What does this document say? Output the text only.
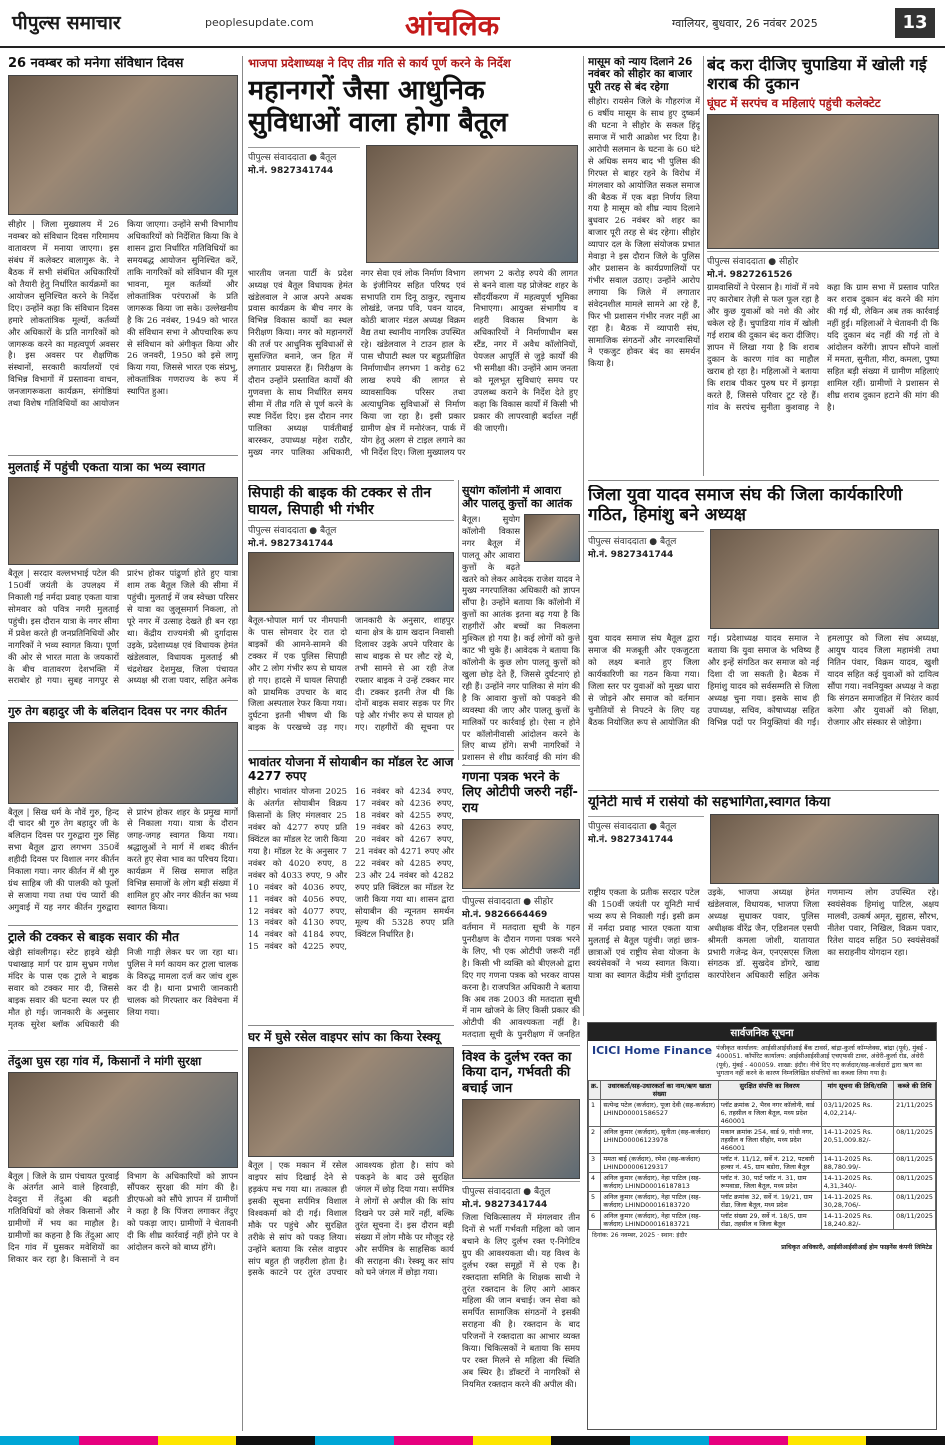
पीपुल्स समाचार	peoplesupdate.com	आंचलिक	ग्वालियर, बुधवार, 26 नवंबर 2025	13
26 नवम्बर को मनेगा संविधान दिवस
सीहोर | जिला मुख्यालय में 26 नवम्बर को संविधान दिवस गरिमामय वातावरण में मनाया जाएगा। इस संबंध में कलेक्टर बालागुरू के. ने बैठक में सभी संबंधित अधिकारियों को तैयारी हेतु निर्धारित कार्यक्रमों का आयोजन सुनिश्चित करने के निर्देश दिए। उन्होंने कहा कि संविधान दिवस हमारे लोकतांत्रिक मूल्यों, कर्तव्यों और अधिकारों के प्रति नागरिकों को जागरूक करने का महत्वपूर्ण अवसर है। इस अवसर पर शैक्षणिक संस्थानों, सरकारी कार्यालयों एवं विभिन्न विभागों में प्रस्तावना वाचन, जनजागरूकता कार्यक्रम, संगोष्ठियां तथा विशेष गतिविधियों का आयोजन किया जाएगा। उन्होंने सभी विभागीय अधिकारियों को निर्देशित किया कि वे शासन द्वारा निर्धारित गतिविधियों का समयबद्ध आयोजन सुनिश्चित करें, ताकि नागरिकों को संविधान की मूल भावना, मूल कर्तव्यों और लोकतांत्रिक परंपराओं के प्रति जागरूक किया जा सके। उल्लेखनीय है कि 26 नवंबर, 1949 को भारत की संविधान सभा ने औपचारिक रूप से संविधान को अंगीकृत किया और 26 जनवरी, 1950 को इसे लागू किया गया, जिससे भारत एक संप्रभु, लोकतांत्रिक गणराज्य के रूप में स्थापित हुआ।
मुलताई में पहुंची एकता यात्रा का भव्य स्वागत
बैतूल | सरदार वल्लभभाई पटेल की 150वीं जयंती के उपलक्ष्य में निकाली गई नर्मदा प्रवाह एकता यात्रा सोमवार को पवित्र नगरी मुलताई पहुंची। इस दौरान यात्रा के नगर सीमा में प्रवेश करते ही जनप्रतिनिधियों और नागरिकों ने भव्य स्वागत किया। पूर्णा की ओर से भारत माता के जयकारों के बीच वातावरण देशभक्ति में सराबोर हो गया। सुबह नागपुर से प्रारंभ होकर पांढुर्णा होते हुए यात्रा शाम तक बैतूल जिले की सीमा में पहुंची। मुलताई में जब स्वेच्छा परिसर से यात्रा का जुलूसमार्ग निकला, तो पूरे नगर में उत्साह देखते ही बन रहा था। केंद्रीय राज्यमंत्री श्री दुर्गादास उइके, प्रदेशाध्यक्ष एवं विधायक हेमंत खंडेलवाल, विधायक मुलताई श्री चंद्रशेखर देशमुख, जिला पंचायत अध्यक्ष श्री राजा पवार, सहित अनेक
गुरु तेग बहादुर जी के बलिदान दिवस पर नगर कीर्तन
बैतूल | सिख धर्म के नौवें गुरु, हिन्द दी चादर श्री गुरु तेग बहादुर जी के बलिदान दिवस पर गुरुद्वारा गुरु सिंह सभा बैतूल द्वारा लगभग 350वें शहीदी दिवस पर विशाल नगर कीर्तन निकाला गया। नगर कीर्तन में श्री गुरु ग्रंथ साहिब जी की पालकी को फूलों से सजाया गया तथा पंच प्यारों की अगुवाई में यह नगर कीर्तन गुरुद्वारा से प्रारंभ होकर शहर के प्रमुख मार्गों से निकाला गया। यात्रा के दौरान जगह-जगह स्वागत किया गया। श्रद्धालुओं ने मार्ग में शबद कीर्तन करते हुए सेवा भाव का परिचय दिया। कार्यक्रम में सिख समाज सहित विभिन्न समाजों के लोग बड़ी संख्या में शामिल हुए और नगर कीर्तन का भव्य स्वागत किया।
ट्राले की टक्कर से बाइक सवार की मौत
खेड़ी सांवलीगढ़। स्टेट हाइवे खेड़ी पथाखाड़ मार्ग पर ग्राम सुभ्रम गणेश मंदिर के पास एक ट्राले ने बाइक सवार को टक्कर मार दी, जिससे बाइक सवार की घटना स्थल पर ही मौत हो गई। जानकारी के अनुसार मृतक सुरेश ब्लॉक अधिकारी की निजी गाड़ी लेकर घर जा रहा था। पुलिस ने मर्ग कायम कर ट्राला चालक के विरुद्ध मामला दर्ज कर जांच शुरू कर दी है। थाना प्रभारी जानकारी चालक को गिरफ्तार कर विवेचना में लिया गया।
तेंदुआ घुस रहा गांव में, किसानों ने मांगी सुरक्षा
बैतूल | जिले के ग्राम पंचायत पुरवाई के अंतर्गत आने वाले हिरवाड़ी, देवदुरा में तेंदुआ की बढ़ती गतिविधियों को लेकर किसानों और ग्रामीणों में भय का माहौल है। ग्रामीणों का कहना है कि तेंदुआ आए दिन गांव में घुसकर मवेशियों का शिकार कर रहा है। किसानों ने वन विभाग के अधिकारियों को ज्ञापन सौंपकर सुरक्षा की मांग की है। डीएफओ को सौंपे ज्ञापन में ग्रामीणों ने कहा है कि पिंजरा लगाकर तेंदुए को पकड़ा जाए। ग्रामीणों ने चेतावनी दी कि शीघ्र कार्रवाई नहीं होने पर वे आंदोलन करने को बाध्य होंगे।
भाजपा प्रदेशाध्यक्ष ने दिए तीव्र गति से कार्य पूर्ण करने के निर्देश
महानगरों जैसा आधुनिक सुविधाओं वाला होगा बैतूल
पीपुल्स संवाददाता ● बैतूल
मो.नं. 9827341744
भारतीय जनता पार्टी के प्रदेश अध्यक्ष एवं बैतूल विधायक हेमंत खंडेलवाल ने आज अपने अथक प्रवास कार्यक्रम के बीच नगर के विभिन्न विकास कार्यों का स्थल निरीक्षण किया। नगर को महानगरों की तर्ज पर आधुनिक सुविधाओं से सुसज्जित बनाने, जन हित में लगातार प्रयासरत हैं। निरीक्षण के दौरान उन्होंने प्रस्तावित कार्यों की गुणवत्ता के साथ निर्धारित समय सीमा में तीव्र गति से पूर्ण करने के स्पष्ट निर्देश दिए। इस दौरान नगर पालिका अध्यक्ष पार्वतीबाई बारस्कर, उपाध्यक्ष महेश राठौर, मुख्य नगर पालिका अधिकारी, नगर सेवा एवं लोक निर्माण विभाग के इंजीनियर सहित परिषद एवं सभापति राम दिनू ठाकुर, रघुनाथ लोखंडे, जनप्र पवि, पवन यादव, कोठी बाजार मंडल अध्यक्ष विक्रम वैद्य तथा स्थानीय नागरिक उपस्थित रहे। खंडेलवाल ने टाउन हाल के पास चौपाटी स्थल पर बहुप्रतीक्षित निर्माणाधीन लगभग 1 करोड़ 62 लाख रुपये की लागत से व्यावसायिक परिसर तथा अत्याधुनिक सुविधाओं से निर्माण किया जा रहा है। इसी प्रकार ग्रामीण क्षेत्र में मनोरंजन, पार्क में योग हेतु अलग से टाइल लगाने का भी निर्देश दिए। जिला मुख्यालय पर लगभग 2 करोड़ रुपये की लागत से बनने वाला यह प्रोजेक्ट शहर के सौंदर्यीकरण में महत्वपूर्ण भूमिका निभाएगा। आयुक्त संभागीय व शहरी विकास विभाग के अधिकारियों ने निर्माणाधीन बस स्टैंड, नगर में अवैध कॉलोनियों, पेयजल आपूर्ति से जुड़े कार्यों की भी समीक्षा की। उन्होंने आम जनता को मूलभूत सुविधाएं समय पर उपलब्ध कराने के निर्देश देते हुए कहा कि विकास कार्यों में किसी भी प्रकार की लापरवाही बर्दाश्त नहीं की जाएगी।
सिपाही की बाइक की टक्कर से तीन घायल, सिपाही भी गंभीर
पीपुल्स संवाददाता ● बैतूल
मो.नं. 9827341744
बैतूल-भोपाल मार्ग पर नीमपानी के पास सोमवार देर रात दो बाइकों की आमने-सामने की टक्कर में एक पुलिस सिपाही और 2 लोग गंभीर रूप से घायल हो गए। हादसे में घायल सिपाही को प्राथमिक उपचार के बाद जिला अस्पताल रेफर किया गया। दुर्घटना इतनी भीषण थी कि बाइक के परखच्चे उड़ गए। जानकारी के अनुसार, शाहपुर थाना क्षेत्र के ग्राम खदान निवासी दिलावर उइके अपने परिवार के साथ बाइक से घर लौट रहे थे, तभी सामने से आ रही तेज रफ्तार बाइक ने उन्हें टक्कर मार दी। टक्कर इतनी तेज थी कि दोनों बाइक सवार सड़क पर गिर पड़े और गंभीर रूप से घायल हो गए। राहगीरों की सूचना पर
भावांतर योजना में सोयाबीन का मॉडल रेट आज 4277 रुपए
सीहोर। भावांतर योजना 2025 के अंतर्गत सोयाबीन विक्रय किसानों के लिए मंगलवार 25 नवंबर को 4277 रुपए प्रति क्विंटल का मॉडल रेट जारी किया गया है। मॉडल रेट के अनुसार 7 नवंबर को 4020 रुपए, 8 नवंबर को 4033 रुपए, 9 और 10 नवंबर को 4036 रुपए, 11 नवंबर को 4056 रुपए, 12 नवंबर को 4077 रुपए, 13 नवंबर को 4130 रुपए, 14 नवंबर को 4184 रुपए, 15 नवंबर को 4225 रुपए, 16 नवंबर को 4234 रुपए, 17 नवंबर को 4236 रुपए, 18 नवंबर को 4255 रुपए, 19 नवंबर को 4263 रुपए, 20 नवंबर को 4267 रुपए, 21 नवंबर को 4271 रुपए और 22 नवंबर को 4285 रुपए, 23 और 24 नवंबर को 4282 रुपए प्रति क्विंटल का मॉडल रेट जारी किया गया था। शासन द्वारा सोयाबीन की न्यूनतम समर्थन मूल्य की 5328 रुपए प्रति क्विंटल निर्धारित है।
घर में घुसे रसेल वाइपर सांप का किया रेस्क्यू
बैतूल | एक मकान में रसेल वाइपर सांप दिखाई देने से हड़कंप मच गया था। तत्काल ही इसकी सूचना सर्पमित्र विशाल विश्वकर्मा को दी गई। विशाल मौके पर पहुंचे और सुरक्षित तरीके से सांप को पकड़ लिया। उन्होंने बताया कि रसेल वाइपर सांप बहुत ही जहरीला होता है। इसके काटने पर तुरंत उपचार आवश्यक होता है। सांप को पकड़ने के बाद उसे सुरक्षित जंगल में छोड़ दिया गया। सर्पमित्र ने लोगों से अपील की कि सांप दिखने पर उसे मारें नहीं, बल्कि तुरंत सूचना दें। इस दौरान बड़ी संख्या में लोग मौके पर मौजूद रहे और सर्पमित्र के साहसिक कार्य की सराहना की। रेस्क्यू कर सांप को घने जंगल में छोड़ा गया।
सुयोग कॉलोनी में आवारा और पालतू कुत्तों का आतंक
बैतूल। सुयोग कॉलोनी विकास नगर बैतूल में पालतू और आवारा कुत्तों के बढ़ते खतरे को लेकर आवेदक राजेश यादव ने मुख्य नगरपालिका अधिकारी को ज्ञापन सौंपा है। उन्होंने बताया कि कॉलोनी में कुत्तों का आतंक इतना बढ़ गया है कि राहगीरों और बच्चों का निकलना मुश्किल हो गया है। कई लोगों को कुत्ते काट भी चुके हैं। आवेदक ने बताया कि कॉलोनी के कुछ लोग पालतू कुत्तों को खुला छोड़ देते हैं, जिससे दुर्घटनाएं हो रही हैं। उन्होंने नगर पालिका से मांग की है कि आवारा कुत्तों को पकड़ने की व्यवस्था की जाए और पालतू कुत्तों के मालिकों पर कार्रवाई हो। ऐसा न होने पर कॉलोनीवासी आंदोलन करने के लिए बाध्य होंगे। सभी नागरिकों ने प्रशासन से शीघ्र कार्रवाई की मांग की
गणना पत्रक भरने के लिए ओटीपी जरुरी नहीं-राय
पीपुल्स संवाददाता ● सीहोर
मो.नं. 9826664469
वर्तमान में मतदाता सूची के गहन पुनरीक्षण के दौरान गणना पत्रक भरने के लिए, भी एक ओटीपी जरूरी नहीं है। किसी भी व्यक्ति को बीएलओ द्वारा दिए गए गणना पत्रक को भरकर वापस करना है। राजपत्रित अधिकारी ने बताया कि अब तक 2003 की मतदाता सूची में नाम खोजने के लिए किसी प्रकार की ओटीपी की आवश्यकता नहीं है। मतदाता सूची के पुनरीक्षण में जनहित
विश्व के दुर्लभ रक्त का किया दान, गर्भवती की बचाई जान
पीपुल्स संवाददाता ● बैतूल
मो.नं. 9827341744
जिला चिकित्सालय में मंगलवार तीन दिनों से भर्ती गर्भवती महिला को जान बचाने के लिए दुर्लभ रक्त ए-निगेटिव ग्रुप की आवश्यकता थी। यह विश्व के दुर्लभ रक्त समूहों में से एक है। रक्तदाता समिति के शिक्षक साथी ने तुरंत रक्तदान के लिए आगे आकर महिला की जान बचाई। जन सेवा को समर्पित सामाजिक संगठनों ने इसकी सराहना की है। रक्तदान के बाद परिजनों ने रक्तदाता का आभार व्यक्त किया। चिकित्सकों ने बताया कि समय पर रक्त मिलने से महिला की स्थिति अब स्थिर है। डॉक्टरों ने नागरिकों से नियमित रक्तदान करने की अपील की।
मासूम को न्याय दिलाने 26 नवंबर को सीहोर का बाजार पूरी तरह से बंद रहेगा
सीहोर। रायसेन जिले के गौहरगंज में 6 वर्षीय मासूम के साथ हुए दुष्कर्म की घटना ने सीहोर के सकल हिंदू समाज में भारी आक्रोश भर दिया है। आरोपी सलमान के घटना के 60 घंटे से अधिक समय बाद भी पुलिस की गिरफ्त से बाहर रहने के विरोध में मंगलवार को आयोजित सकल समाज की बैठक में एक बड़ा निर्णय लिया गया है मासूम को शीघ्र न्याय दिलाने बुधवार 26 नवंबर को शहर का बाजार पूरी तरह से बंद रहेगा। सीहोर व्यापार दल के जिला संयोजक प्रभात मेवाड़ा ने इस दौरान जिले के पुलिस और प्रशासन के कार्यप्रणालियों पर गंभीर सवाल उठाए। उन्होंने आरोप लगाया कि जिले में लगातार संवेदनशील मामले सामने आ रहे हैं, फिर भी प्रशासन गंभीर नजर नहीं आ रहा है। बैठक में व्यापारी संघ, सामाजिक संगठनों और नगरवासियों ने एकजुट होकर बंद का समर्थन किया है।
बंद करा दीजिए चुपाडिया में खोली गई शराब की दुकान
घूंघट में सरपंच व महिलाएं पहुंची कलेक्टेट
पीपुल्स संवाददाता ● सीहोर
मो.नं. 9827261526
ग्रामवासियों ने पेरसान है। गांवों में नये नए कारोबार तेज़ी से फल फूल रहा है और कुछ युवाओं को नशे की ओर धकेल रहे हैं। चुपाडिया गांव में खोली गई शराब की दुकान बंद करा दीजिए। ज्ञापन में लिखा गया है कि शराब दुकान के कारण गांव का माहौल खराब हो रहा है। महिलाओं ने बताया कि शराब पीकर पुरुष घर में झगड़ा करते हैं, जिससे परिवार टूट रहे हैं। गांव के सरपंच सुनीता कुशवाह ने कहा कि ग्राम सभा में प्रस्ताव पारित कर शराब दुकान बंद करने की मांग की गई थी, लेकिन अब तक कार्रवाई नहीं हुई। महिलाओं ने चेतावनी दी कि यदि दुकान बंद नहीं की गई तो वे आंदोलन करेंगी। ज्ञापन सौंपने वालों में ममता, सुनीता, मीरा, कमला, पुष्पा सहित बड़ी संख्या में ग्रामीण महिलाएं शामिल रहीं। ग्रामीणों ने प्रशासन से शीघ्र शराब दुकान हटाने की मांग की है।
जिला युवा यादव समाज संघ की जिला कार्यकारिणी गठित, हिमांशु बने अध्यक्ष
पीपुल्स संवाददाता ● बैतूल
मो.नं. 9827341744
युवा यादव समाज संघ बैतूल द्वारा समाज की मजबूती और एकजुटता को लक्ष्य बनाते हुए जिला कार्यकारिणी का गठन किया गया। जिला स्तर पर युवाओं को मुख्य धारा से जोड़ने और समाज को वर्तमान चुनौतियों से निपटने के लिए यह बैठक नियोजित रूप से आयोजित की गई। प्रदेशाध्यक्ष यादव समाज ने बताया कि युवा समाज के भविष्य हैं और इन्हें संगठित कर समाज को नई दिशा दी जा सकती है। बैठक में हिमांशु यादव को सर्वसम्मति से जिला अध्यक्ष चुना गया। इसके साथ ही उपाध्यक्ष, सचिव, कोषाध्यक्ष सहित विभिन्न पदों पर नियुक्तियां की गईं। हमलापुर को जिला संघ अध्यक्ष, आयुष यादव जिला महामंत्री तथा नितिन पंवार, विक्रम यादव, खुशी यादव सहित कई युवाओं को दायित्व सौंपा गया। नवनियुक्त अध्यक्ष ने कहा कि संगठन समाजहित में निरंतर कार्य करेगा और युवाओं को शिक्षा, रोजगार और संस्कार से जोड़ेगा।
यूनिटी मार्च में रासेयो की सहभागिता,स्वागत किया
पीपुल्स संवाददाता ● बैतूल
मो.नं. 9827341744
राष्ट्रीय एकता के प्रतीक सरदार पटेल की 150वीं जयंती पर यूनिटी मार्च भव्य रूप से निकाली गई। इसी क्रम में नर्मदा प्रवाह भारत एकता यात्रा मुलताई से बैतूल पहुंची। जहां छात्र-छात्राओं एवं राष्ट्रीय सेवा योजना के स्वयंसेवकों ने भव्य स्वागत किया। यात्रा का स्वागत केंद्रीय मंत्री दुर्गादास उइके, भाजपा अध्यक्ष हेमंत खंडेलवाल, विधायक, भाजपा जिला अध्यक्ष सुधाकर पवार, पुलिस अधीक्षक वीरेंद्र जैन, एडिशनल एसपी श्रीमती कमला जोशी, यातायात प्रभारी गजेन्द्र केन, एनएसएस जिला संगठक डॉ. सुखदेव डोंगरे, खाद्य कारपोरेशन अधिकारी सहित अनेक गणमान्य लोग उपस्थित रहे। स्वयंसेवक हिमांशु पाटिल, अक्षय मालवी, उत्कर्ष अमृत, सुहास, सौरभ, नीतेश पवार, निखिल, विक्रम पवार, रितेश यादव सहित 50 स्वयंसेवकों का सराहनीय योगदान रहा।
सार्वजनिक सूचना
ICICI Home Finance पंजीकृत कार्यालय: आईसीआईसीआई बैंक टावर्स, बांद्रा-कुर्ला कॉम्प्लेक्स, बांद्रा (पूर्व), मुंबई - 400051. कॉर्पोरेट कार्यालय: आईसीआईसीआई एचएफसी टावर, अंधेरी-कुर्ला रोड, अंधेरी (पूर्व), मुंबई - 400059. शाखा: इंदौर। नीचे दिए गए कर्जदार/सह-कर्जदारों द्वारा ऋण का भुगतान नहीं करने के कारण निम्नलिखित संपत्तियों का कब्जा लिया गया है।
क्र.	उधारकर्ता/सह-उधारकर्ता का नाम/ऋण खाता संख्या	सुरक्षित संपत्ति का विवरण	मांग सूचना की तिथि/राशि	कब्जे की तिथि
1	सत्येन्द्र पटेल (कर्जदार), पूजा देवी (सह-कर्जदार) LHIND00001586527	प्लॉट क्रमांक 2, भैरव नगर कॉलोनी, वार्ड 6, तहसील व जिला बैतूल, मध्य प्रदेश 460001	03/11/2025 Rs. 4,02,214/-	21/11/2025
2	अनिल कुमार (कर्जदार), सुनीता (सह-कर्जदार) LHIND00006123978	मकान क्रमांक 254, वार्ड 9, गांधी नगर, तहसील व जिला सीहोर, मध्य प्रदेश 466001	14-11-2025 Rs. 20,51,009.82/-	08/11/2025
3	ममता बाई (कर्जदार), रमेश (सह-कर्जदार) LHIND00006129317	प्लॉट नं. 11/12, सर्वे नं. 212, पटवारी हल्का नं. 45, ग्राम बडोरा, जिला बैतूल	14-11-2025 Rs. 88,780.99/-	08/11/2025
4	अनिल कुमार (कर्जदार), नेहा पाटिल (सह-कर्जदार) LHIND00016187813	प्लॉट नं. 30, पार्ट प्लॉट नं. 31, ग्राम रूपवाडा, जिला बैतूल, मध्य प्रदेश	14-11-2025 Rs. 4,31,340/-	08/11/2025
5	अनिल कुमार (कर्जदार), नेहा पाटिल (सह-कर्जदार) LHIND00016183720	प्लॉट क्रमांक 32, सर्वे नं. 19/21, ग्राम रोंढा, जिला बैतूल, मध्य प्रदेश	14-11-2025 Rs. 30,28,706/-	08/11/2025
6	अनिल कुमार (कर्जदार), नेहा पाटिल (सह-कर्जदार) LHIND00016183721	प्लॉट संख्या 29, सर्वे नं. 18/5, ग्राम रोंढा, तहसील व जिला बैतूल	14-11-2025 Rs. 18,240.82/-	08/11/2025
दिनांक: 26 नवम्बर, 2025 · स्थान: इंदौर
प्राधिकृत अधिकारी, आईसीआईसीआई होम फाइनेंस कंपनी लिमिटेड
